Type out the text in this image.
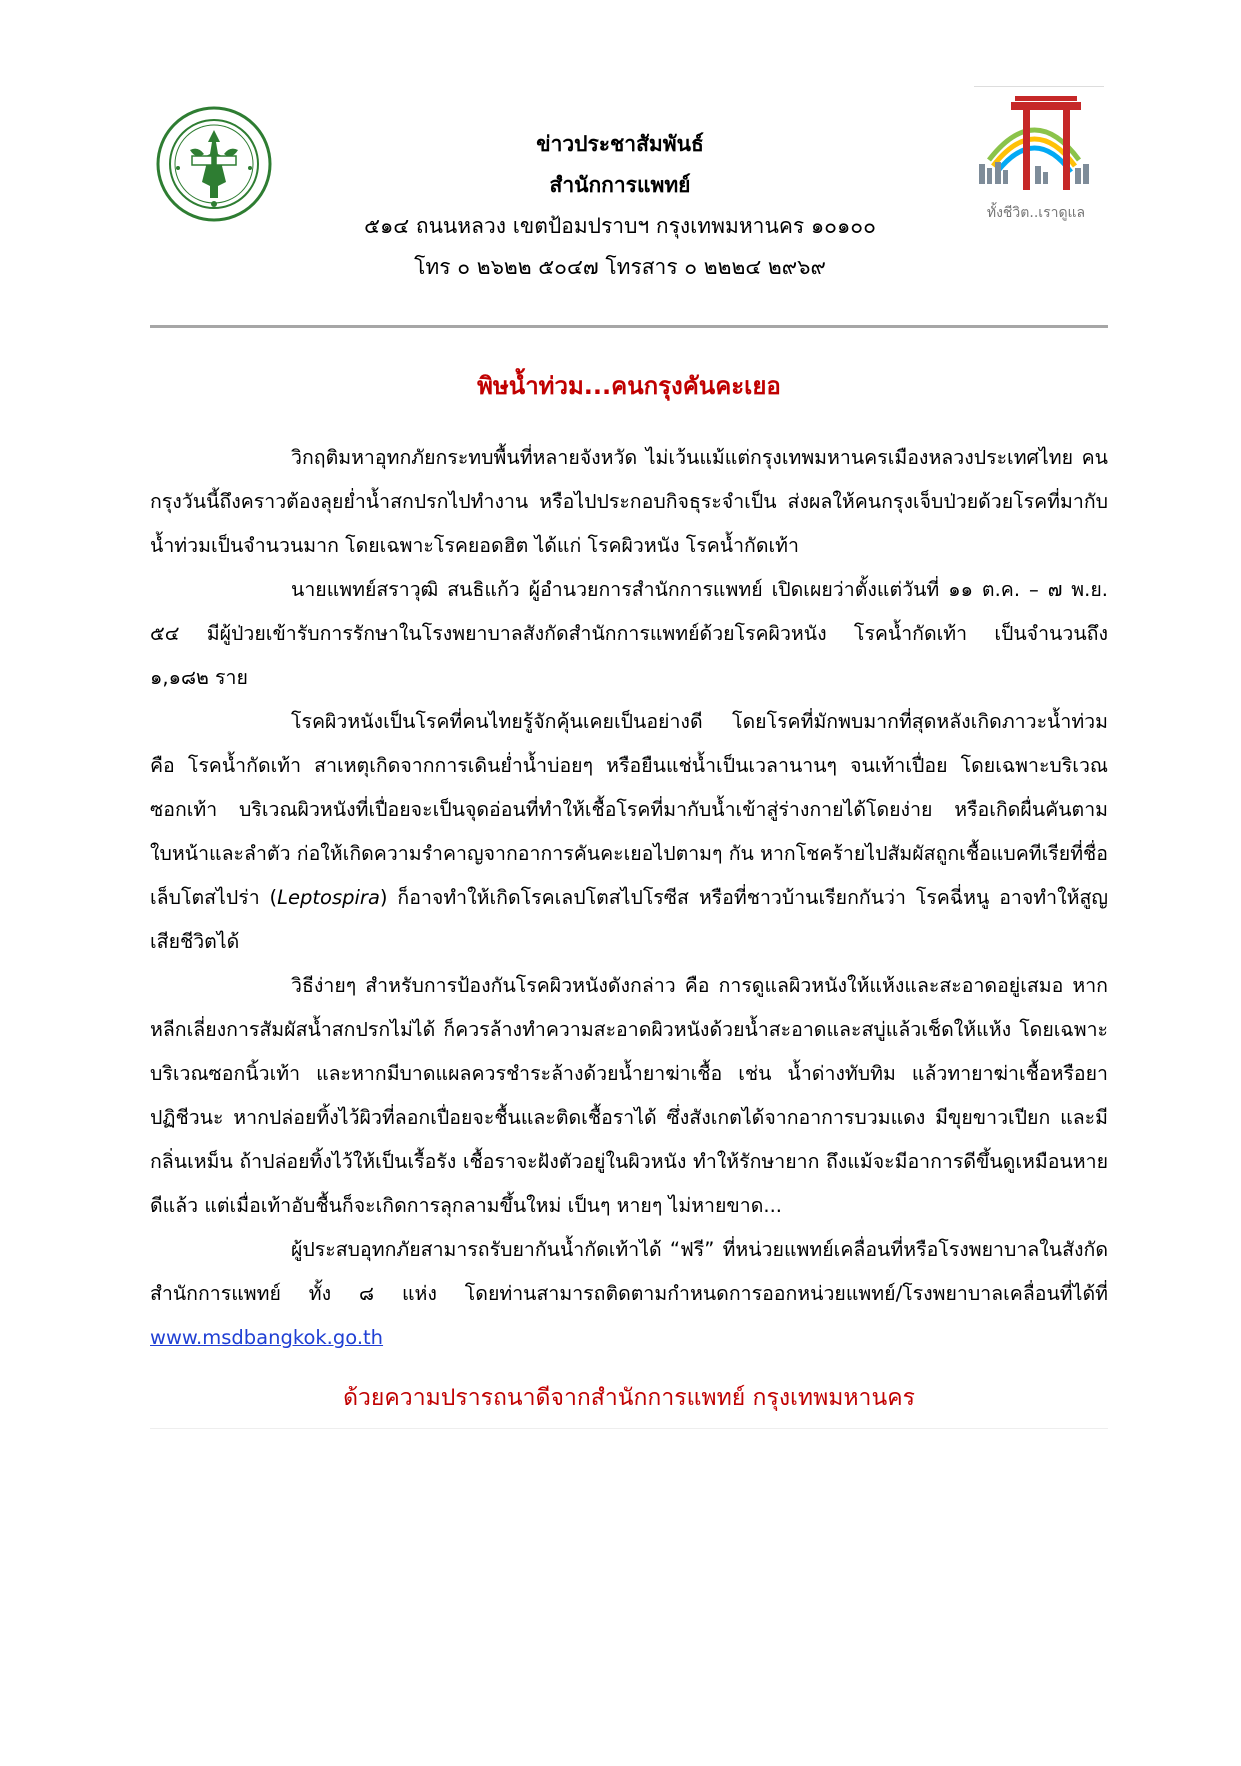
ทั้งชีวิต..เราดูแล
ข่าวประชาสัมพันธ์
สำนักการแพทย์
๕๑๔ ถนนหลวง เขตป้อมปราบฯ กรุงเทพมหานคร ๑๐๑๐๐
โทร ๐ ๒๖๒๒ ๕๐๔๗ โทรสาร ๐ ๒๒๒๔ ๒๙๖๙
พิษน้ำท่วม...คนกรุงคันคะเยอ

วิกฤติมหาอุทกภัยกระทบพื้นที่หลายจังหวัด ไม่เว้นแม้แต่กรุงเทพมหานครเมืองหลวงประเทศไทย คนกรุงวันนี้ถึงคราวต้องลุยย่ำน้ำสกปรกไปทำงาน หรือไปประกอบกิจธุระจำเป็น ส่งผลให้คนกรุงเจ็บป่วยด้วยโรคที่มากับน้ำท่วมเป็นจำนวนมาก โดยเฉพาะโรคยอดฮิต ได้แก่ โรคผิวหนัง โรคน้ำกัดเท้า

นายแพทย์สราวุฒิ สนธิแก้ว ผู้อำนวยการสำนักการแพทย์ เปิดเผยว่าตั้งแต่วันที่ ๑๑ ต.ค. – ๗ พ.ย. ๕๔ มีผู้ป่วยเข้ารับการรักษาในโรงพยาบาลสังกัดสำนักการแพทย์ด้วยโรคผิวหนัง โรคน้ำกัดเท้า เป็นจำนวนถึง ๑,๑๘๒ ราย

โรคผิวหนังเป็นโรคที่คนไทยรู้จักคุ้นเคยเป็นอย่างดี โดยโรคที่มักพบมากที่สุดหลังเกิดภาวะน้ำท่วม คือ โรคน้ำกัดเท้า สาเหตุเกิดจากการเดินย่ำน้ำบ่อยๆ หรือยืนแช่น้ำเป็นเวลานานๆ จนเท้าเปื่อย โดยเฉพาะบริเวณซอกเท้า บริเวณผิวหนังที่เปื่อยจะเป็นจุดอ่อนที่ทำให้เชื้อโรคที่มากับน้ำเข้าสู่ร่างกายได้โดยง่าย หรือเกิดผื่นคันตามใบหน้าและลำตัว ก่อให้เกิดความรำคาญจากอาการคันคะเยอไปตามๆ กัน หากโชคร้ายไปสัมผัสถูกเชื้อแบคทีเรียที่ชื่อ เล็บโตสไปร่า (Leptospira) ก็อาจทำให้เกิดโรคเลปโตสไปโรซีส หรือที่ชาวบ้านเรียกกันว่า โรคฉี่หนู อาจทำให้สูญเสียชีวิตได้

วิธีง่ายๆ สำหรับการป้องกันโรคผิวหนังดังกล่าว คือ การดูแลผิวหนังให้แห้งและสะอาดอยู่เสมอ หากหลีกเลี่ยงการสัมผัสน้ำสกปรกไม่ได้ ก็ควรล้างทำความสะอาดผิวหนังด้วยน้ำสะอาดและสบู่แล้วเช็ดให้แห้ง โดยเฉพาะบริเวณซอกนิ้วเท้า และหากมีบาดแผลควรชำระล้างด้วยน้ำยาฆ่าเชื้อ เช่น น้ำด่างทับทิม แล้วทายาฆ่าเชื้อหรือยาปฏิชีวนะ หากปล่อยทิ้งไว้ผิวที่ลอกเปื่อยจะชื้นและติดเชื้อราได้ ซึ่งสังเกตได้จากอาการบวมแดง มีขุยขาวเปียก และมีกลิ่นเหม็น ถ้าปล่อยทิ้งไว้ให้เป็นเรื้อรัง เชื้อราจะฝังตัวอยู่ในผิวหนัง ทำให้รักษายาก ถึงแม้จะมีอาการดีขึ้นดูเหมือนหายดีแล้ว แต่เมื่อเท้าอับชื้นก็จะเกิดการลุกลามขึ้นใหม่ เป็นๆ หายๆ ไม่หายขาด...

ผู้ประสบอุทกภัยสามารถรับยากันน้ำกัดเท้าได้ “ฟรี” ที่หน่วยแพทย์เคลื่อนที่หรือโรงพยาบาลในสังกัดสำนักการแพทย์ ทั้ง ๘ แห่ง โดยท่านสามารถติดตามกำหนดการออกหน่วยแพทย์/โรงพยาบาลเคลื่อนที่ได้ที่ www.msdbangkok.go.th

ด้วยความปรารถนาดีจากสำนักการแพทย์ กรุงเทพมหานคร
